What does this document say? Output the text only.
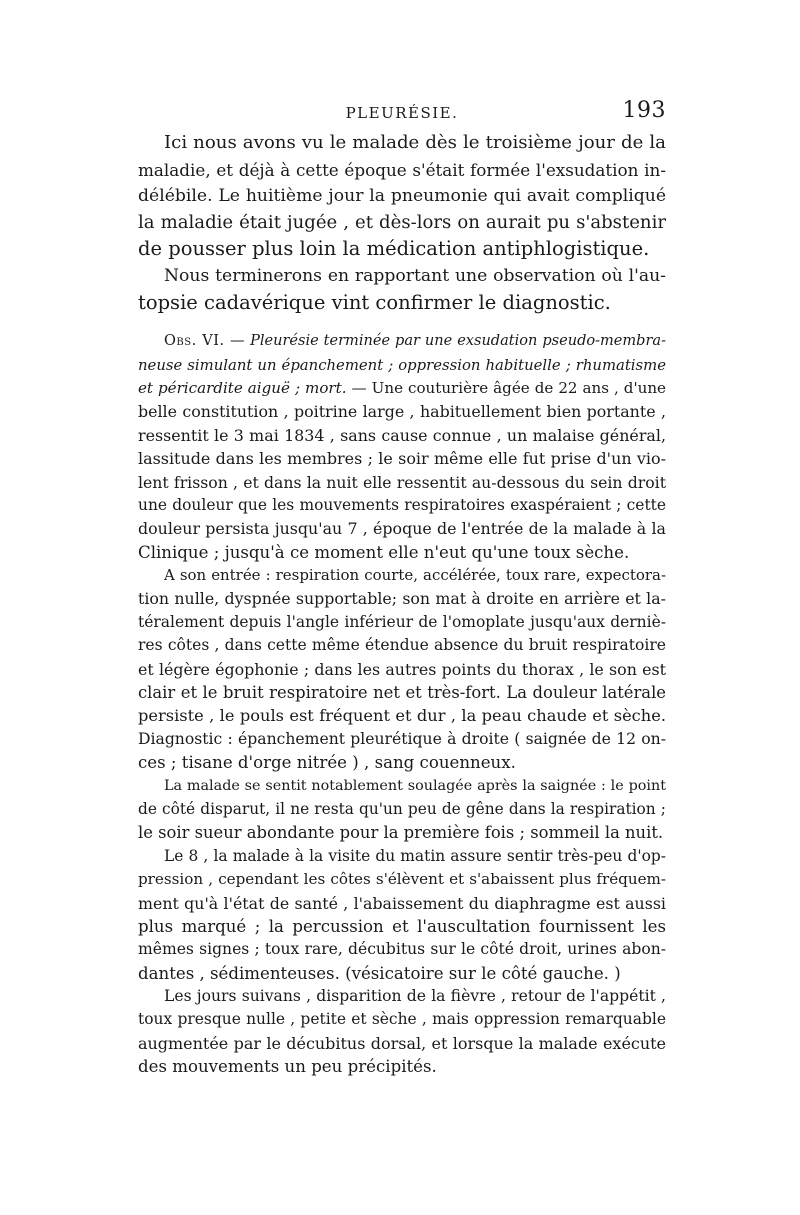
PLEURÉSIE.	193
Ici nous avons vu le malade dès le troisième jour de la
maladie, et déjà à cette époque s'était formée l'exsudation in-
délébile. Le huitième jour la pneumonie qui avait compliqué
la maladie était jugée , et dès-lors on aurait pu s'abstenir
de pousser plus loin la médication antiphlogistique.
Nous terminerons en rapportant une observation où l'au-
topsie cadavérique vint confirmer le diagnostic.
Obs. VI. — Pleurésie terminée par une exsudation pseudo-membra-
neuse simulant un épanchement ; oppression habituelle ; rhumatisme
et péricardite aiguë ; mort. — Une couturière âgée de 22 ans , d'une
belle constitution , poitrine large , habituellement bien portante ,
ressentit le 3 mai 1834 , sans cause connue , un malaise général,
lassitude dans les membres ; le soir même elle fut prise d'un vio-
lent frisson , et dans la nuit elle ressentit au-dessous du sein droit
une douleur que les mouvements respiratoires exaspéraient ; cette
douleur persista jusqu'au 7 , époque de l'entrée de la malade à la
Clinique ; jusqu'à ce moment elle n'eut qu'une toux sèche.
A son entrée : respiration courte, accélérée, toux rare, expectora-
tion nulle, dyspnée supportable; son mat à droite en arrière et la-
téralement depuis l'angle inférieur de l'omoplate jusqu'aux derniè-
res côtes , dans cette même étendue absence du bruit respiratoire
et légère égophonie ; dans les autres points du thorax , le son est
clair et le bruit respiratoire net et très-fort. La douleur latérale
persiste , le pouls est fréquent et dur , la peau chaude et sèche.
Diagnostic : épanchement pleurétique à droite ( saignée de 12 on-
ces ; tisane d'orge nitrée ) , sang couenneux.
La malade se sentit notablement soulagée après la saignée : le point
de côté disparut, il ne resta qu'un peu de gêne dans la respiration ;
le soir sueur abondante pour la première fois ; sommeil la nuit.
Le 8 , la malade à la visite du matin assure sentir très-peu d'op-
pression , cependant les côtes s'élèvent et s'abaissent plus fréquem-
ment qu'à l'état de santé , l'abaissement du diaphragme est aussi
plus marqué ; la percussion et l'auscultation fournissent les
mêmes signes ; toux rare, décubitus sur le côté droit, urines abon-
dantes , sédimenteuses. (vésicatoire sur le côté gauche. )
Les jours suivans , disparition de la fièvre , retour de l'appétit ,
toux presque nulle , petite et sèche , mais oppression remarquable
augmentée par le décubitus dorsal, et lorsque la malade exécute
des mouvements un peu précipités.
